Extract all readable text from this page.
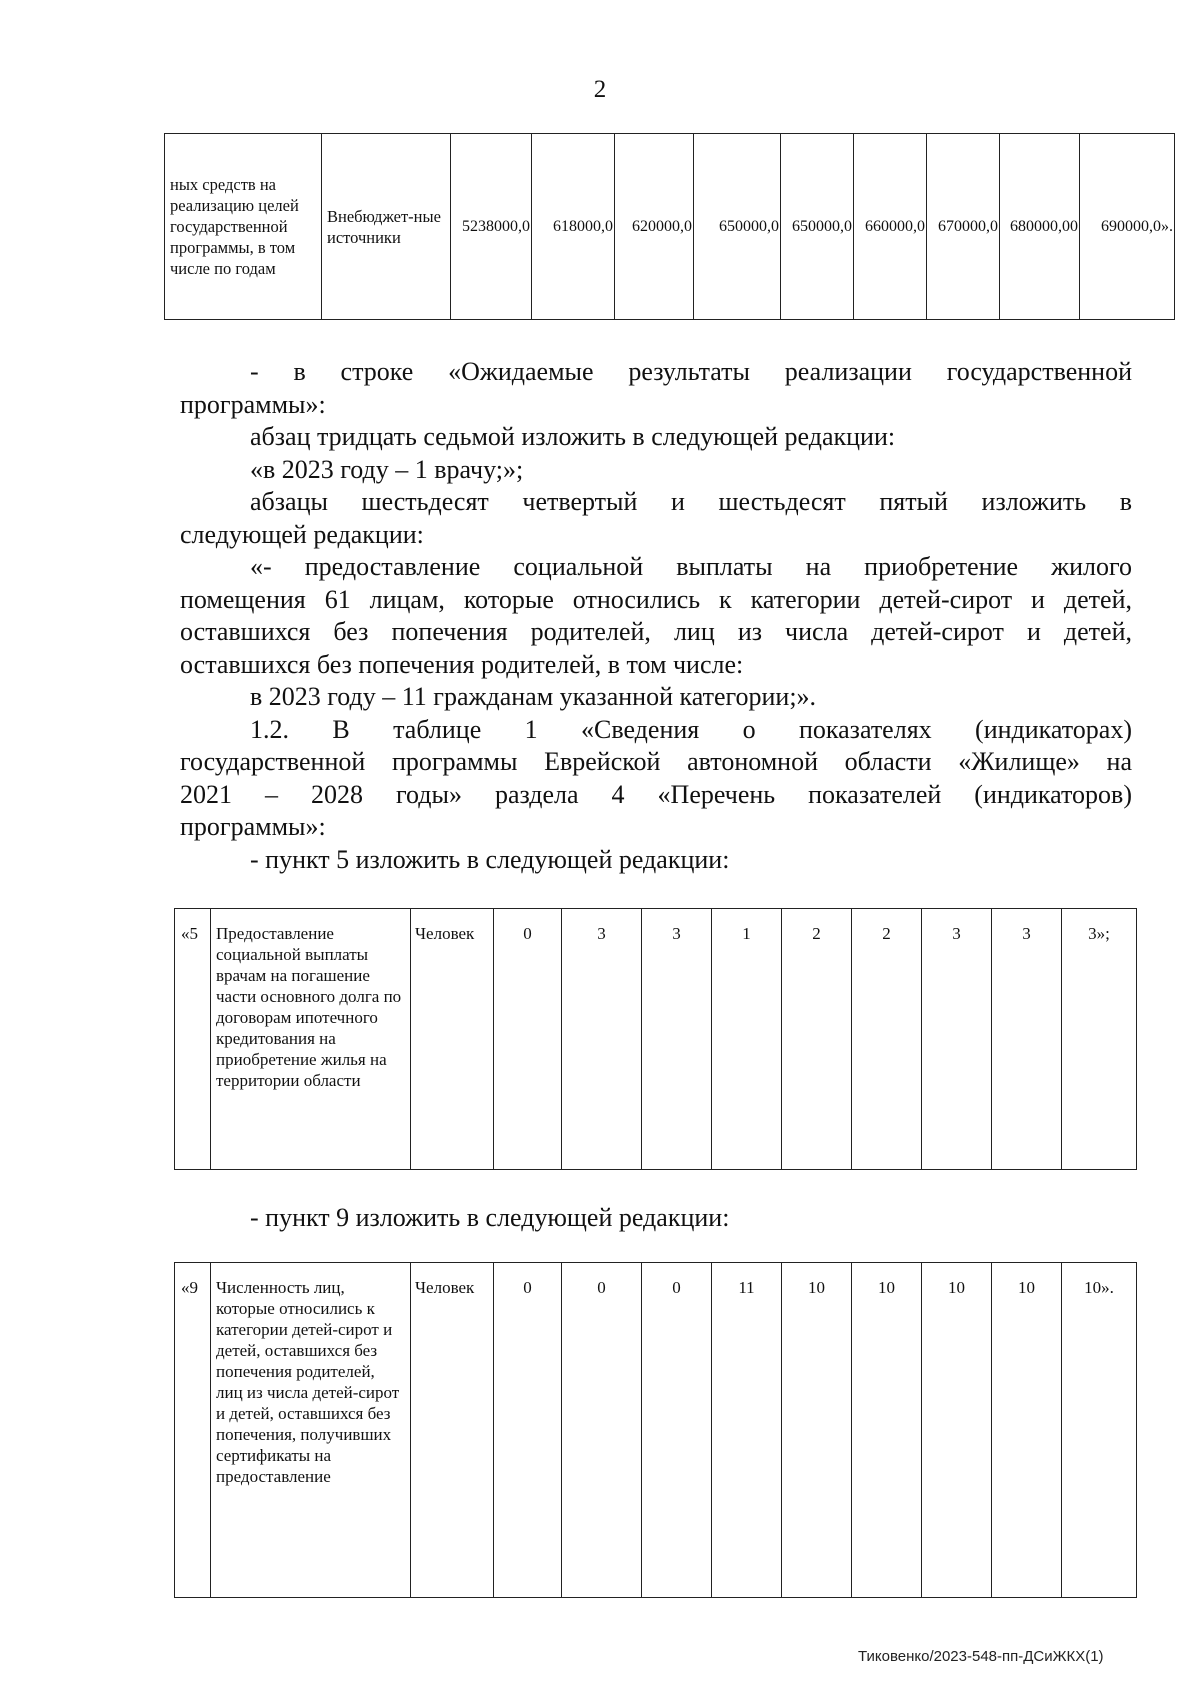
2
ных средств на реализацию целей государственной программы, в том числе по годам	Внебюджет-ные источники	5238000,0	618000,0	620000,0	650000,0	650000,0	660000,0	670000,0	680000,00	690000,0».

- в строке «Ожидаемые результаты реализации государственной

программы»:

абзац тридцать седьмой изложить в следующей редакции:

«в 2023 году – 1 врачу;»;

абзацы шестьдесят четвертый и шестьдесят пятый изложить в

следующей редакции:

«- предоставление социальной выплаты на приобретение жилого

помещения 61 лицам, которые относились к категории детей-сирот и детей,

оставшихся без попечения родителей, лиц из числа детей-сирот и детей,

оставшихся без попечения родителей, в том числе:

в 2023 году – 11 гражданам указанной категории;».

1.2. В таблице 1 «Сведения о показателях (индикаторах)

государственной программы Еврейской автономной области «Жилище» на

2021 – 2028 годы» раздела 4 «Перечень показателей (индикаторов)

программы»:

- пункт 5 изложить в следующей редакции:

«5	Предоставление социальной выплаты врачам на погашение части основного долга по договорам ипотечного кредитования на приобретение жилья на территории области	Человек	0	3	3	1	2	2	3	3	3»;
- пункт 9 изложить в следующей редакции:
«9	Численность лиц, которые относились к категории детей-сирот и детей, оставшихся без попечения родителей, лиц из числа детей-сирот и детей, оставшихся без попечения, получивших сертификаты на предоставление	Человек	0	0	0	11	10	10	10	10	10».
Тиковенко/2023-548-пп-ДСиЖКХ(1)
